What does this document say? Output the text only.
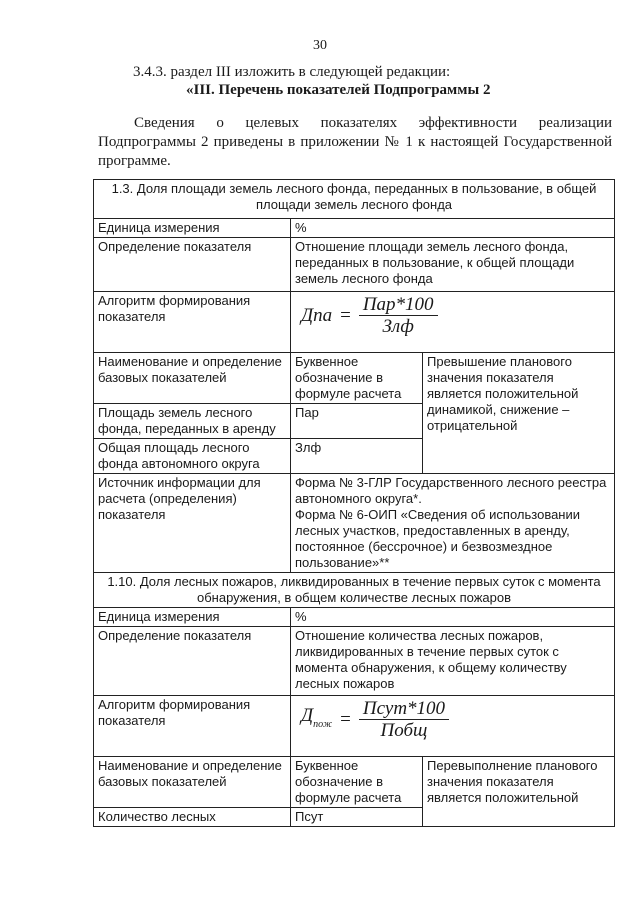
30
3.4.3. раздел III изложить в следующей редакции:
«III. Перечень показателей Подпрограммы 2
Сведения о целевых показателях эффективности реализации Подпрограммы 2 приведены в приложении № 1 к настоящей Государственной программе.
1.3. Доля площади земель лесного фонда, переданных в пользование, в общей площади земель лесного фонда		
Единица измерения	%	
Определение показателя	Отношение площади земель лесного фонда, переданных в пользование, к общей площади земель лесного фонда	
Алгоритм формирования показателя	Дпа = $\frac{\text{Пар*100}}{\text{Злф}}$

Наименование и определение базовых показателей	Буквенное обозначение в формуле расчета	Превышение планового значения показателя является положительной динамикой, снижение – отрицательной
Площадь земель лесного фонда, переданных в аренду	Пар	
Общая площадь лесного фонда автономного округа	Злф	
Источник информации для расчета (определения) показателя	Форма № 3-ГЛР Государственного лесного реестра автономного округа*.
Форма № 6-ОИП «Сведения об использовании лесных участков, предоставленных в аренду, постоянное (бессрочное) и безвозмездное пользование»**	

1.10. Доля лесных пожаров, ликвидированных в течение первых суток с момента обнаружения, в общем количестве лесных пожаров		
Единица измерения	%	
Определение показателя	Отношение количества лесных пожаров, ликвидированных в течение первых суток с момента обнаружения, к общему количеству лесных пожаров	
Алгоритм формирования показателя	$Д_{пож} = \frac{\text{Псут*100}}{\text{Побщ}}$

Наименование и определение базовых показателей	Буквенное обозначение в формуле расчета	Перевыполнение планового значения показателя является положительной
Количество лесных	Псут	
